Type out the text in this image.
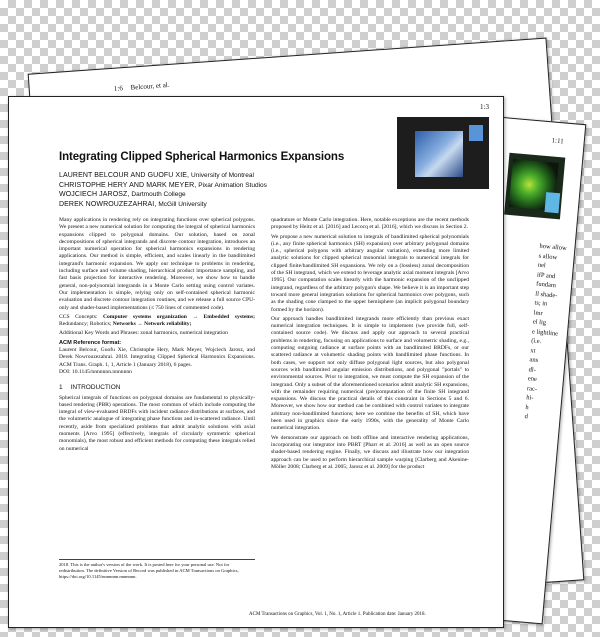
1:6 Belcour, et al.
1:11
how allow
s allow
nel
ifP and
fundam
ll shade-
ts; in
lmr
el lig
e lightline
(i.e.
xt
ans
dl-
ene
rac-
hi-
h
d
1:3
Integrating Clipped Spherical Harmonics Expansions
LAURENT BELCOUR AND GUOFU XIE, University of Montreal
CHRISTOPHE HERY AND MARK MEYER, Pixar Animation Studios
WOJCIECH JAROSZ, Dartmouth College
DEREK NOWROUZEZAHRAI, McGill University

Many applications in rendering rely on integrating functions over spherical polygons. We present a new numerical solution for computing the integral of spherical harmonics expansions clipped to polygonal domains. Our solution, based on zonal decompositions of spherical integrands and discrete contour integration, introduces an important numerical operation for spherical harmonics expansions in rendering applications. Our method is simple, efficient, and scales linearly in the bandlimited integrand's harmonic expansion. We apply our technique to problems in rendering, including surface and volume shading, hierarchical product importance sampling, and fast basis projection for interactive rendering. Moreover, we show how to handle general, non-polynomial integrands in a Monte Carlo setting using control variates. Our implementation is simple, relying only on self-contained spherical harmonic evaluation and discrete contour integration routines, and we release a full source CPU-only and shader-based implementations (≤ 750 lines of commented code).

CCS Concepts: Computer systems organization → Embedded systems; Redundancy; Robotics; Networks → Network reliability;

Additional Key Words and Phrases: zonal harmonics, numerical integration

ACM Reference format:
Laurent Belcour, Guofu Xie, Christophe Hery, Mark Meyer, Wojciech Jarosz, and Derek Nowrouzezahrai. 2018. Integrating Clipped Spherical Harmonics Expansions. ACM Trans. Graph. 1, 1, Article 1 (January 2018), 6 pages.
DOI: 10.1145/nnnnnnn.nnnnnnn

1 INTRODUCTION

Spherical integrals of functions on polygonal domains are fundamental to physically-based rendering (PBR) operations. The most common of which include computing the integral of view-evaluated BRDFs with incident radiance distributions at surfaces, and the volumetric analogue of integrating phase functions and in-scattered radiance. Until recently, aside from specialized problems that admit analytic solutions with axial moments [Arvo 1995] (effectively, integrals of circularly symmetric spherical monomials), the most robust and efficient methods for computing these integrals relied on numerical

2018. This is the author's version of the work. It is posted here for your personal use. Not for redistribution. The definitive Version of Record was published in ACM Transactions on Graphics, https://doi.org/10.1145/nnnnnnn.nnnnnnn.

quadrature or Monte Carlo integration. Here, notable exceptions are the recent methods proposed by Heitz et al. [2016] and Lecocq et al. [2016], which we discuss in Section 2.

We propose a new numerical solution to integrals of bandlimited spherical polynomials (i.e., any finite spherical harmonics (SH) expansion) over arbitrary polygonal domains (i.e., spherical polygons with arbitrary angular variation), extending more limited analytic solutions for clipped spherical monomial integrals to numerical integrals for clipped finite/bandlimited SH expansions. We rely on a (lossless) zonal decomposition of the SH integrand, which we extend to leverage analytic axial moment integrals [Arvo 1995]. Our computation scales linearly with the harmonic expansion of the unclipped integrand, regardless of the arbitrary polygon's shape. We believe it is an important step toward more general integration solutions for spherical harmonics over polygons, such as the shading cone clamped to the upper hemisphere (an implicit polygonal boundary formed by the horizon).

Our approach handles bandlimited integrands more efficiently than previous exact numerical integration techniques. It is simple to implement (we provide full, self-contained source code). We discuss and apply our approach to several practical problems in rendering, focusing on applications to surface and volumetric shading, e.g., computing outgoing radiance at surface points with an bandlimited BRDFs, or our scattered radiance at volumetric shading points with bandlimited phase functions. In both cases, we support not only diffuse polygonal light sources, but also polygonal sources with bandlimited angular emission distributions, and polygonal "portals" to environmental sources. Prior to integration, we must compute the SH expansion of the integrand. Only a subset of the aforementioned scenarios admit analytic SH expansions, with the remainder requiring numerical (pre)computation of the finite SH integrand expansions. We discuss the practical details of this constraint in Sections 5 and 6. Moreover, we show how our method can be combined with control variates to integrate arbitrary non-bandlimited functions; here we combine the benefits of SH, which have been used in graphics since the early 1990s, with the generality of Monte Carlo numerical integration.

We demonstrate our approach on both offline and interactive rendering applications, incorporating our integrator into PBRT [Pharr et al. 2016] as well as an open source shader-based rendering engine. Finally, we discuss and illustrate how our integration approach can be used to perform hierarchical sample warping [Clarberg and Akenine-Möller 2008; Clarberg et al. 2005; Jarosz et al. 2009] for the product

ACM Transactions on Graphics, Vol. 1, No. 1, Article 1. Publication date: January 2018.
